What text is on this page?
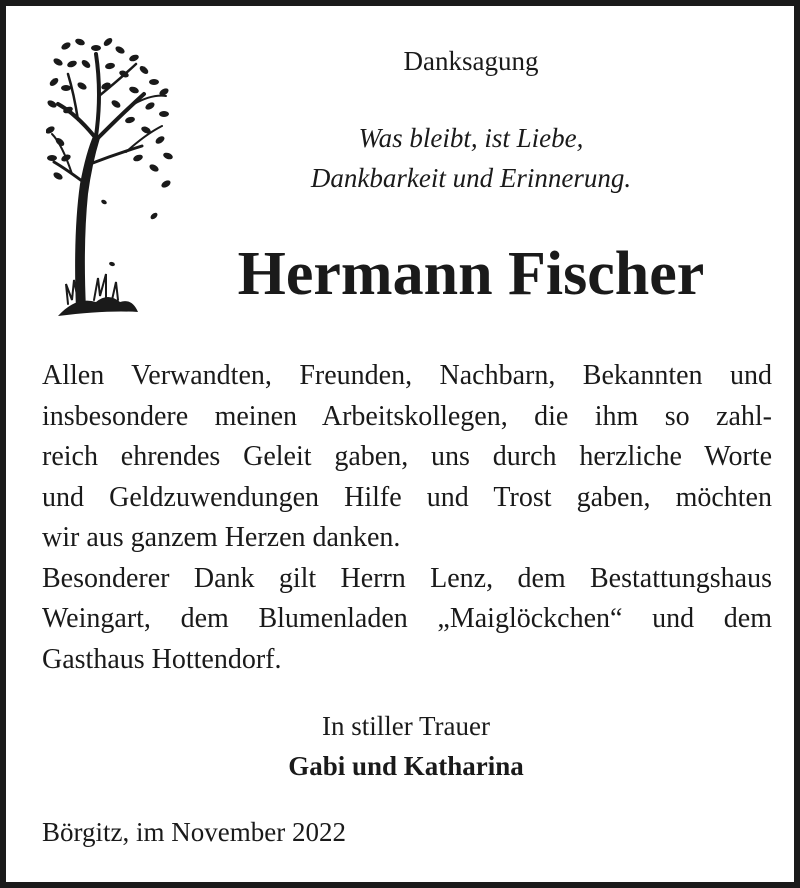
Danksagung
Was bleibt, ist Liebe,
Dankbarkeit und Erinnerung.
Hermann Fischer
Allen Verwandten, Freunden, Nachbarn, Bekannten und
insbesondere meinen Arbeitskollegen, die ihm so zahl-
reich ehrendes Geleit gaben, uns durch herzliche Worte
und Geldzuwendungen Hilfe und Trost gaben, möchten
wir aus ganzem Herzen danken.
Besonderer Dank gilt Herrn Lenz, dem Bestattungshaus
Weingart, dem Blumenladen „Maiglöckchen“ und dem
Gasthaus Hottendorf.
In stiller Trauer
Gabi und Katharina
Börgitz, im November 2022
